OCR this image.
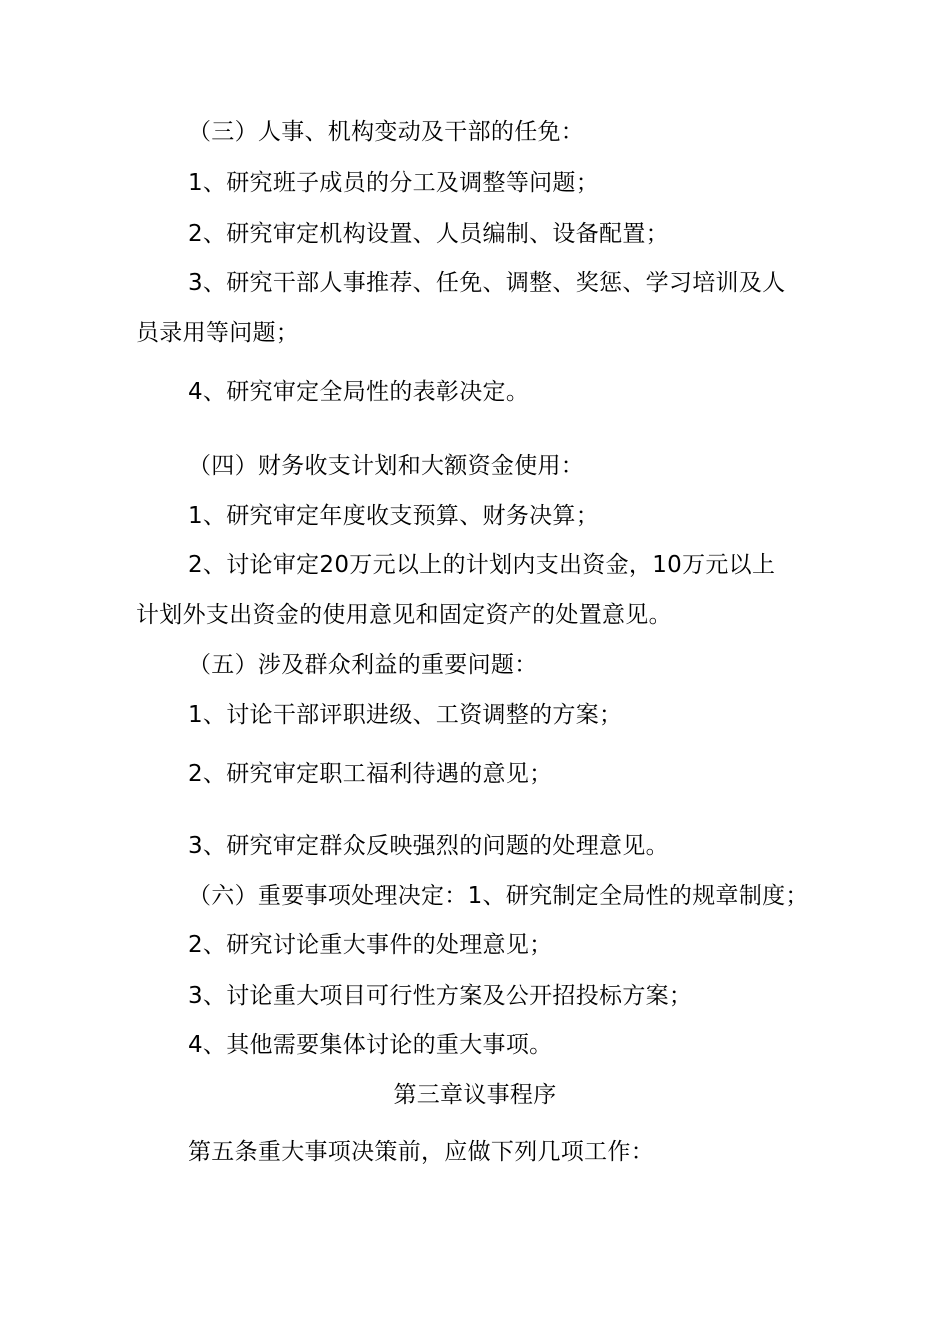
（三）人事、机构变动及干部的任免：

1、研究班子成员的分工及调整等问题；

2、研究审定机构设置、人员编制、设备配置；

3、研究干部人事推荐、任免、调整、奖惩、学习培训及人

员录用等问题；

4、研究审定全局性的表彰决定。

（四）财务收支计划和大额资金使用：

1、研究审定年度收支预算、财务决算；

2、讨论审定20万元以上的计划内支出资金，10万元以上

计划外支出资金的使用意见和固定资产的处置意见。

（五）涉及群众利益的重要问题：

1、讨论干部评职进级、工资调整的方案；

2、研究审定职工福利待遇的意见；

3、研究审定群众反映强烈的问题的处理意见。

（六）重要事项处理决定：1、研究制定全局性的规章制度；

2、研究讨论重大事件的处理意见；

3、讨论重大项目可行性方案及公开招投标方案；

4、其他需要集体讨论的重大事项。

第三章议事程序

第五条重大事项决策前，应做下列几项工作：
